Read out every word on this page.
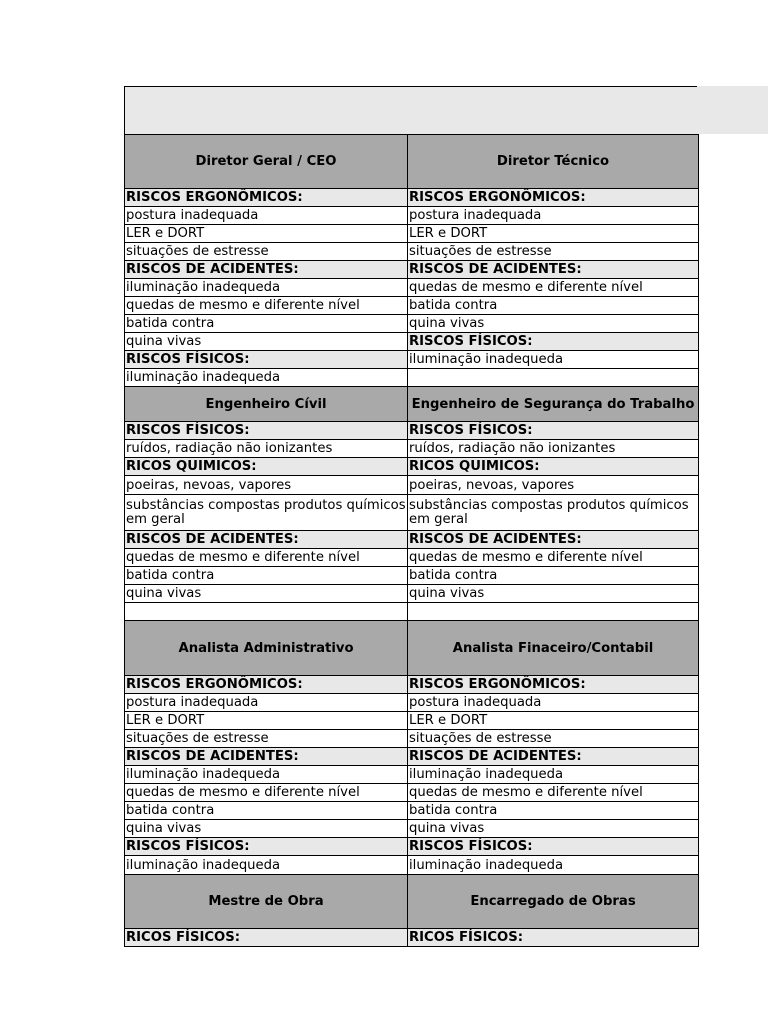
Diretor Geral / CEO	Diretor Técnico
RISCOS ERGONÔMICOS:	RISCOS ERGONÔMICOS:
postura inadequada	postura inadequada
LER e DORT	LER e DORT
situações de estresse	situações de estresse
RISCOS DE ACIDENTES:	RISCOS DE ACIDENTES:
iluminação inadequeda	quedas de mesmo e diferente nível
quedas de mesmo e diferente nível	batida contra
batida contra	quina vivas
quina vivas	RISCOS FÍSICOS:
RISCOS FÍSICOS:	iluminação inadequeda
iluminação inadequeda	
Engenheiro Cívil	Engenheiro de Segurança do Trabalho
RISCOS FÍSICOS:	RISCOS FÍSICOS:
ruídos, radiação não ionizantes	ruídos, radiação não ionizantes
RICOS QUIMICOS:	RICOS QUIMICOS:
poeiras, nevoas, vapores	poeiras, nevoas, vapores
substâncias compostas produtos químicos em geral	substâncias compostas produtos químicos em geral
RISCOS DE ACIDENTES:	RISCOS DE ACIDENTES:
quedas de mesmo e diferente nível	quedas de mesmo e diferente nível
batida contra	batida contra
quina vivas	quina vivas

Analista Administrativo	Analista Finaceiro/Contabil
RISCOS ERGONÔMICOS:	RISCOS ERGONÔMICOS:
postura inadequada	postura inadequada
LER e DORT	LER e DORT
situações de estresse	situações de estresse
RISCOS DE ACIDENTES:	RISCOS DE ACIDENTES:
iluminação inadequeda	iluminação inadequeda
quedas de mesmo e diferente nível	quedas de mesmo e diferente nível
batida contra	batida contra
quina vivas	quina vivas
RISCOS FÍSICOS:	RISCOS FÍSICOS:
iluminação inadequeda	iluminação inadequeda
Mestre de Obra	Encarregado de Obras
RICOS FÍSICOS:	RICOS FÍSICOS:
